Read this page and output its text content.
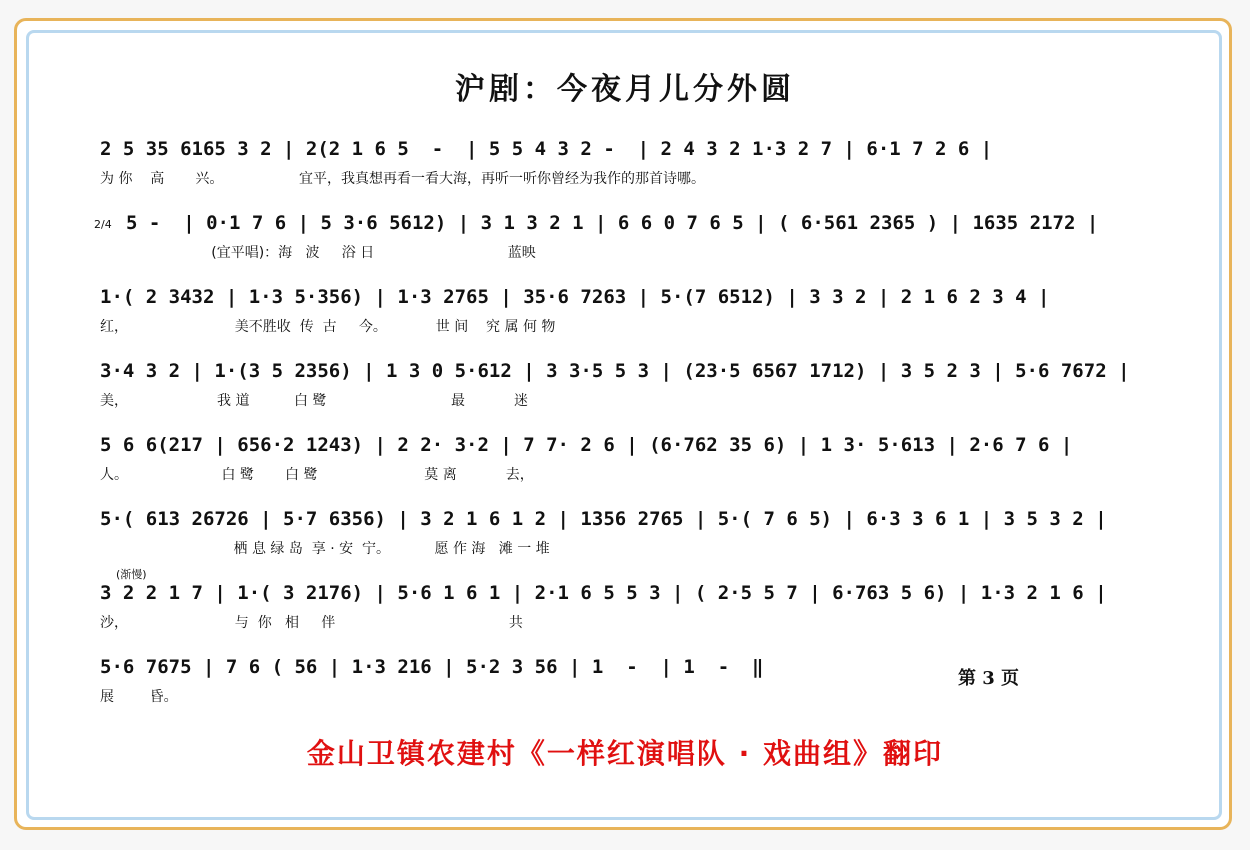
沪剧：今夜月儿分外圆
2 5 35 6165 3 2 | 2(2 1 6 5  -  | 5 5 4 3 2 -  | 2 4 3 2 1·3 2 7 | 6·1 7 2 6 |
为 你    高       兴。                 宜平，我真想再看一看大海，再听一听你曾经为我作的那首诗哪。
2/4 5 -  | 0·1 7 6 | 5 3·6 5612) | 3 1 3 2 1 | 6 6 0 7 6 5 | ( 6·561 2365 ) | 1635 2172 |
(宜平唱)：海   波     浴 日                              蓝映
1·( 2 3432 | 1·3 5·356) | 1·3 2765 | 35·6 7263 | 5·(7 6512) | 3 3 2 | 2 1 6 2 3 4 |
红，                        美不胜收  传  古     今。           世 间    究 属 何 物
3·4 3 2 | 1·(3 5 2356) | 1 3 0 5·612 | 3 3·5 5 3 | (23·5 6567 1712) | 3 5 2 3 | 5·6 7672 |
美，                    我 道          白 鹭                            最           迷
5 6 6(217 | 656·2 1243) | 2 2· 3·2 | 7 7· 2 6 | (6·762 35 6) | 1 3· 5·613 | 2·6 7 6 |
人。                     白 鹭       白 鹭                        莫 离           去，
5·( 613 26726 | 5·7 6356) | 3 2 1 6 1 2 | 1356 2765 | 5·( 7 6 5) | 6·3 3 6 1 | 3 5 3 2 |
栖 息 绿 岛  享 · 安  宁。          愿 作 海   滩 一 堆
(渐慢)
3 2 2 1 7 | 1·( 3 2176) | 5·6 1 6 1 | 2·1 6 5 5 3 | ( 2·5 5 7 | 6·763 5 6) | 1·3 2 1 6 |
沙，                        与  你   相     伴                                       共
5·6 7675 | 7 6 ( 56 | 1·3 216 | 5·2 3 56 | 1  -  | 1  -  ‖
展        昏。
第 3 页
金山卫镇农建村《一样红演唱队 · 戏曲组》翻印
